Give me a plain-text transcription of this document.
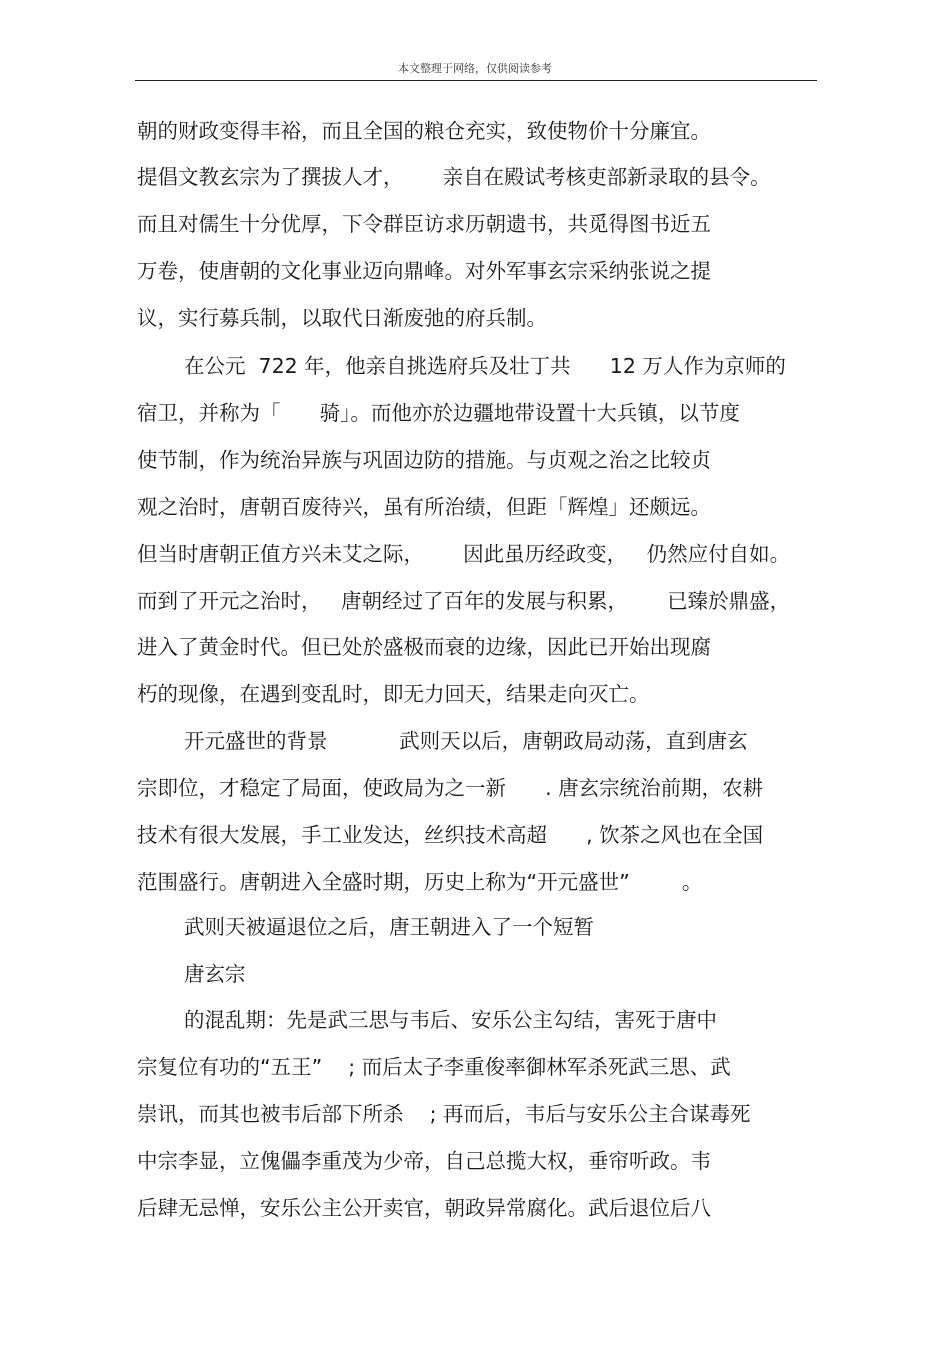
本文整理于网络，仅供阅读参考
朝的财政变得丰裕，而且全国的粮仓充实，致使物价十分廉宜。
提倡文教玄宗为了撰拔人才，      亲自在殿试考核吏部新录取的县令。
而且对儒生十分优厚，下令群臣访求历朝遗书，共觅得图书近五
万卷，使唐朝的文化事业迈向鼎峰。对外军事玄宗采纳张说之提
议，实行募兵制，以取代日渐废弛的府兵制。
在公元  722 年，他亲自挑选府兵及壮丁共      12 万人作为京师的
宿卫，并称为「      骑」。而他亦於边疆地带设置十大兵镇，以节度
使节制，作为统治异族与巩固边防的措施。与贞观之治之比较贞
观之治时，唐朝百废待兴，虽有所治绩，但距「辉煌」还颇远。
但当时唐朝正值方兴未艾之际，      因此虽历经政变，   仍然应付自如。
而到了开元之治时，   唐朝经过了百年的发展与积累，      已臻於鼎盛，
进入了黄金时代。但已处於盛极而衰的边缘，因此已开始出现腐
朽的现像，在遇到变乱时，即无力回天，结果走向灭亡。
开元盛世的背景           武则天以后，唐朝政局动荡，直到唐玄
宗即位，才稳定了局面，使政局为之一新      . 唐玄宗统治前期，农耕
技术有很大发展，手工业发达，丝织技术高超      , 饮茶之风也在全国
范围盛行。唐朝进入全盛时期，历史上称为“开元盛世”        。
武则天被逼退位之后，唐王朝进入了一个短暂
唐玄宗
的混乱期：先是武三思与韦后、安乐公主勾结，害死于唐中
宗复位有功的“五王”    ; 而后太子李重俊率御林军杀死武三思、武
崇讯，而其也被韦后部下所杀    ; 再而后，韦后与安乐公主合谋毒死
中宗李显，立傀儡李重茂为少帝，自己总揽大权，垂帘听政。韦
后肆无忌惮，安乐公主公开卖官，朝政异常腐化。武后退位后八
